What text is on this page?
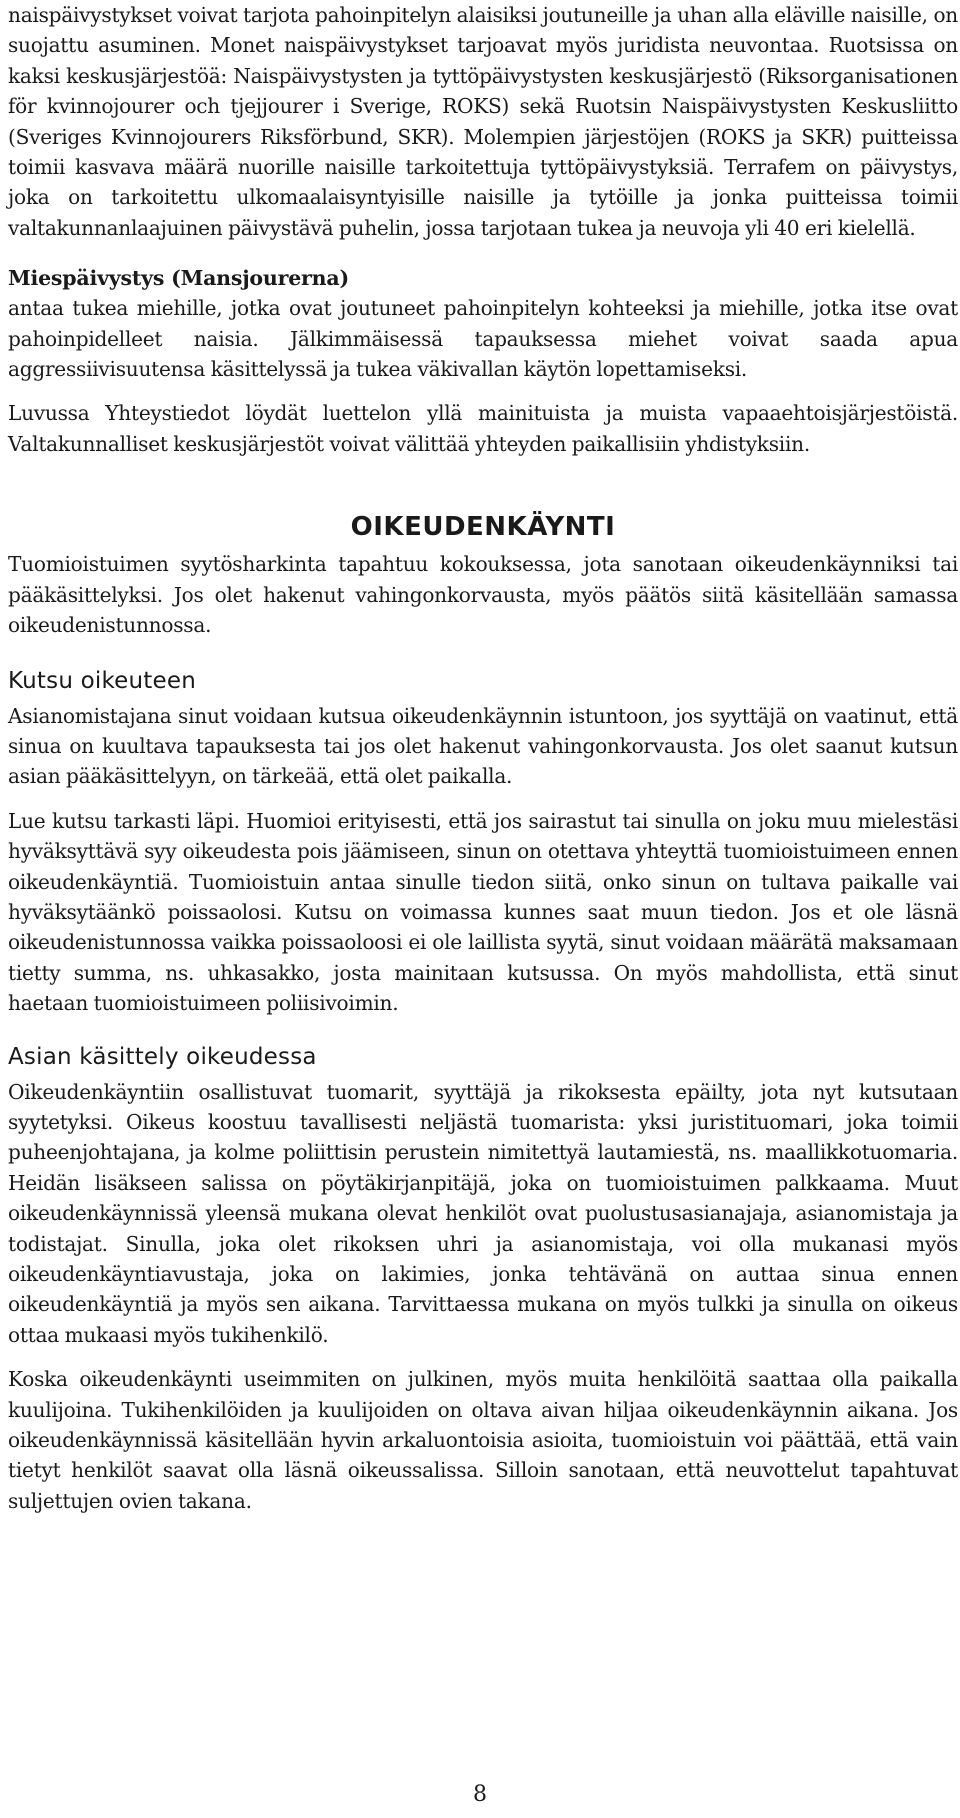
naispäivystykset voivat tarjota pahoinpitelyn alaisiksi joutuneille ja uhan alla eläville naisille, on suojattu asuminen. Monet naispäivystykset tarjoavat myös juridista neuvontaa. Ruotsissa on kaksi keskusjärjestöä: Naispäivystysten ja tyttöpäivystysten keskusjärjestö (Riksorganisationen för kvinnojourer och tjejjourer i Sverige, ROKS) sekä Ruotsin Naispäivystysten Keskusliitto (Sveriges Kvinnojourers Riksförbund, SKR). Molempien järjestöjen (ROKS ja SKR) puitteissa toimii kasvava määrä nuorille naisille tarkoitettuja tyttöpäivystyksiä. Terrafem on päivystys, joka on tarkoitettu ulkomaalaisyntyisille naisille ja tytöille ja jonka puitteissa toimii valtakunnanlaajuinen päivystävä puhelin, jossa tarjotaan tukea ja neuvoja yli 40 eri kielellä.

Miespäivystys (Mansjourerna)

antaa tukea miehille, jotka ovat joutuneet pahoinpitelyn kohteeksi ja miehille, jotka itse ovat pahoinpidelleet naisia. Jälkimmäisessä tapauksessa miehet voivat saada apua aggressiivisuutensa käsittelyssä ja tukea väkivallan käytön lopettamiseksi.

Luvussa Yhteystiedot löydät luettelon yllä mainituista ja muista vapaaehtoisjärjestöistä. Valtakunnalliset keskusjärjestöt voivat välittää yhteyden paikallisiin yhdistyksiin.

OIKEUDENKÄYNTI

Tuomioistuimen syytösharkinta tapahtuu kokouksessa, jota sanotaan oikeudenkäynniksi tai pääkäsittelyksi. Jos olet hakenut vahingonkorvausta, myös päätös siitä käsitellään samassa oikeudenistunnossa.

Kutsu oikeuteen

Asianomistajana sinut voidaan kutsua oikeudenkäynnin istuntoon, jos syyttäjä on vaatinut, että sinua on kuultava tapauksesta tai jos olet hakenut vahingonkorvausta. Jos olet saanut kutsun asian pääkäsittelyyn, on tärkeää, että olet paikalla.

Lue kutsu tarkasti läpi. Huomioi erityisesti, että jos sairastut tai sinulla on joku muu mielestäsi hyväksyttävä syy oikeudesta pois jäämiseen, sinun on otettava yhteyttä tuomioistuimeen ennen oikeudenkäyntiä. Tuomioistuin antaa sinulle tiedon siitä, onko sinun on tultava paikalle vai hyväksytäänkö poissaolosi. Kutsu on voimassa kunnes saat muun tiedon. Jos et ole läsnä oikeudenistunnossa vaikka poissaoloosi ei ole laillista syytä, sinut voidaan määrätä maksamaan tietty summa, ns. uhkasakko, josta mainitaan kutsussa. On myös mahdollista, että sinut haetaan tuomioistuimeen poliisivoimin.

Asian käsittely oikeudessa

Oikeudenkäyntiin osallistuvat tuomarit, syyttäjä ja rikoksesta epäilty, jota nyt kutsutaan syytetyksi. Oikeus koostuu tavallisesti neljästä tuomarista: yksi juristituomari, joka toimii puheenjohtajana, ja kolme poliittisin perustein nimitettyä lautamiestä, ns. maallikkotuomaria. Heidän lisäkseen salissa on pöytäkirjanpitäjä, joka on tuomioistuimen palkkaama. Muut oikeudenkäynnissä yleensä mukana olevat henkilöt ovat puolustusasianajaja, asianomistaja ja todistajat. Sinulla, joka olet rikoksen uhri ja asianomistaja, voi olla mukanasi myös oikeudenkäyntiavustaja, joka on lakimies, jonka tehtävänä on auttaa sinua ennen oikeudenkäyntiä ja myös sen aikana. Tarvittaessa mukana on myös tulkki ja sinulla on oikeus ottaa mukaasi myös tukihenkilö.

Koska oikeudenkäynti useimmiten on julkinen, myös muita henkilöitä saattaa olla paikalla kuulijoina. Tukihenkilöiden ja kuulijoiden on oltava aivan hiljaa oikeudenkäynnin aikana. Jos oikeudenkäynnissä käsitellään hyvin arkaluontoisia asioita, tuomioistuin voi päättää, että vain tietyt henkilöt saavat olla läsnä oikeussalissa. Silloin sanotaan, että neuvottelut tapahtuvat suljettujen ovien takana.

8
